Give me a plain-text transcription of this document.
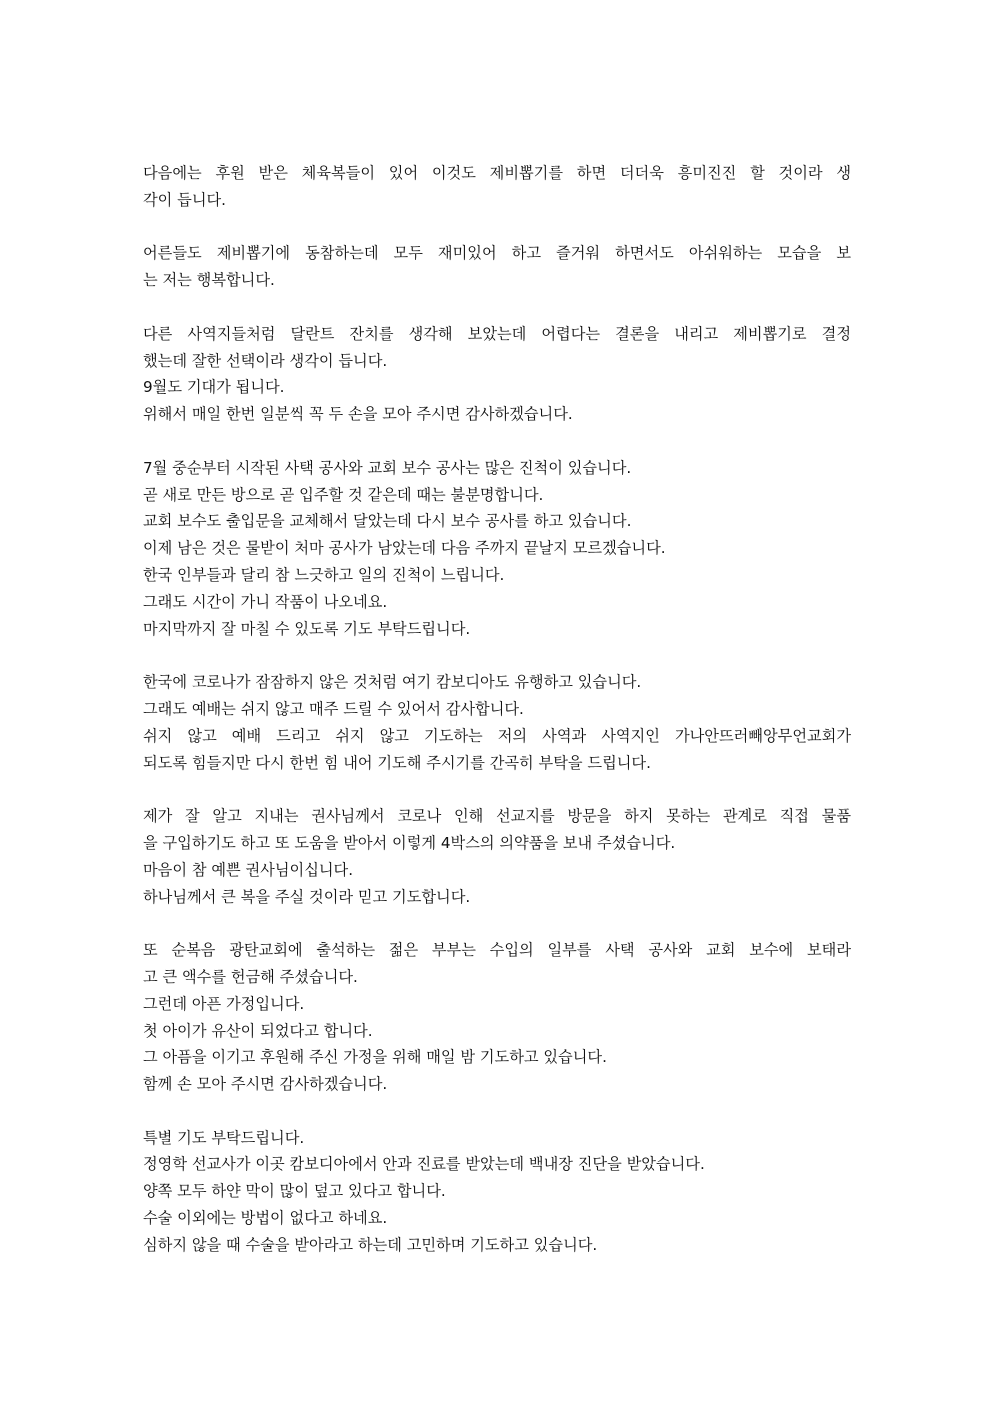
다음에는 후원 받은 체육복들이 있어 이것도 제비뽑기를 하면 더더욱 흥미진진 할 것이라 생
각이 듭니다.
어른들도 제비뽑기에 동참하는데 모두 재미있어 하고 즐거워 하면서도 아쉬워하는 모습을 보
는 저는 행복합니다.
다른 사역지들처럼 달란트 잔치를 생각해 보았는데 어렵다는 결론을 내리고 제비뽑기로 결정
했는데 잘한 선택이라 생각이 듭니다.
9월도 기대가 됩니다.
위해서 매일 한번 일분씩 꼭 두 손을 모아 주시면 감사하겠습니다.
7월 중순부터 시작된 사택 공사와 교회 보수 공사는 많은 진척이 있습니다.
곧 새로 만든 방으로 곧 입주할 것 같은데 때는 불분명합니다.
교회 보수도 출입문을 교체해서 달았는데 다시 보수 공사를 하고 있습니다.
이제 남은 것은 물받이 처마 공사가 남았는데 다음 주까지 끝날지 모르겠습니다.
한국 인부들과 달리 참 느긋하고 일의 진척이 느립니다.
그래도 시간이 가니 작품이 나오네요.
마지막까지 잘 마칠 수 있도록 기도 부탁드립니다.
한국에 코로나가 잠잠하지 않은 것처럼 여기 캄보디아도 유행하고 있습니다.
그래도 예배는 쉬지 않고 매주 드릴 수 있어서 감사합니다.
쉬지 않고 예배 드리고 쉬지 않고 기도하는 저의 사역과 사역지인 가나안뜨러빼앙무언교회가
되도록 힘들지만 다시 한번 힘 내어 기도해 주시기를 간곡히 부탁을 드립니다.
제가 잘 알고 지내는 권사님께서 코로나 인해 선교지를 방문을 하지 못하는 관계로 직접 물품
을 구입하기도 하고 또 도움을 받아서 이렇게 4박스의 의약품을 보내 주셨습니다.
마음이 참 예쁜 권사님이십니다.
하나님께서 큰 복을 주실 것이라 믿고 기도합니다.
또 순복음 광탄교회에 출석하는 젊은 부부는 수입의 일부를 사택 공사와 교회 보수에 보태라
고 큰 액수를 헌금해 주셨습니다.
그런데 아픈 가정입니다.
첫 아이가 유산이 되었다고 합니다.
그 아픔을 이기고 후원해 주신 가정을 위해 매일 밤 기도하고 있습니다.
함께 손 모아 주시면 감사하겠습니다.
특별 기도 부탁드립니다.
정영학 선교사가 이곳 캄보디아에서 안과 진료를 받았는데 백내장 진단을 받았습니다.
양쪽 모두 하얀 막이 많이 덮고 있다고 합니다.
수술 이외에는 방법이 없다고 하네요.
심하지 않을 때 수술을 받아라고 하는데 고민하며 기도하고 있습니다.
